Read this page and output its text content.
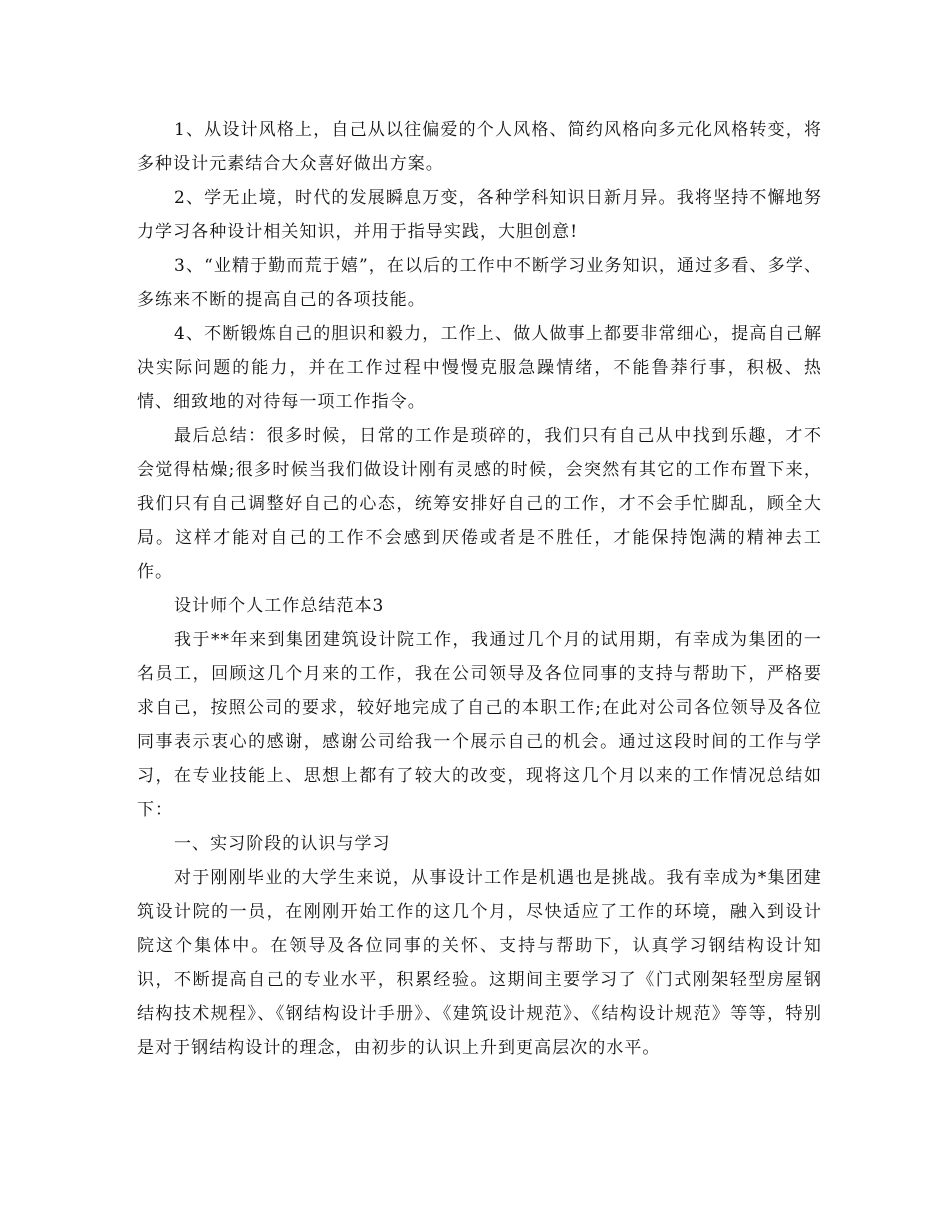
1、从设计风格上，自己从以往偏爱的个人风格、简约风格向多元化风格转变，将多种设计元素结合大众喜好做出方案。

2、学无止境，时代的发展瞬息万变，各种学科知识日新月异。我将坚持不懈地努力学习各种设计相关知识，并用于指导实践，大胆创意!

3、“业精于勤而荒于嬉”，在以后的工作中不断学习业务知识，通过多看、多学、多练来不断的提高自己的各项技能。

4、不断锻炼自己的胆识和毅力，工作上、做人做事上都要非常细心，提高自己解决实际问题的能力，并在工作过程中慢慢克服急躁情绪，不能鲁莽行事，积极、热情、细致地的对待每一项工作指令。

最后总结：很多时候，日常的工作是琐碎的，我们只有自己从中找到乐趣，才不会觉得枯燥;很多时候当我们做设计刚有灵感的时候，会突然有其它的工作布置下来，我们只有自己调整好自己的心态，统筹安排好自己的工作，才不会手忙脚乱，顾全大局。这样才能对自己的工作不会感到厌倦或者是不胜任，才能保持饱满的精神去工作。

设计师个人工作总结范本3

我于**年来到集团建筑设计院工作，我通过几个月的试用期，有幸成为集团的一名员工，回顾这几个月来的工作，我在公司领导及各位同事的支持与帮助下，严格要求自己，按照公司的要求，较好地完成了自己的本职工作;在此对公司各位领导及各位同事表示衷心的感谢，感谢公司给我一个展示自己的机会。通过这段时间的工作与学习，在专业技能上、思想上都有了较大的改变，现将这几个月以来的工作情况总结如下：

一、实习阶段的认识与学习

对于刚刚毕业的大学生来说，从事设计工作是机遇也是挑战。我有幸成为*集团建筑设计院的一员，在刚刚开始工作的这几个月，尽快适应了工作的环境，融入到设计院这个集体中。在领导及各位同事的关怀、支持与帮助下，认真学习钢结构设计知识，不断提高自己的专业水平，积累经验。这期间主要学习了《门式刚架轻型房屋钢结构技术规程》、《钢结构设计手册》、《建筑设计规范》、《结构设计规范》等等，特别是对于钢结构设计的理念，由初步的认识上升到更高层次的水平。
